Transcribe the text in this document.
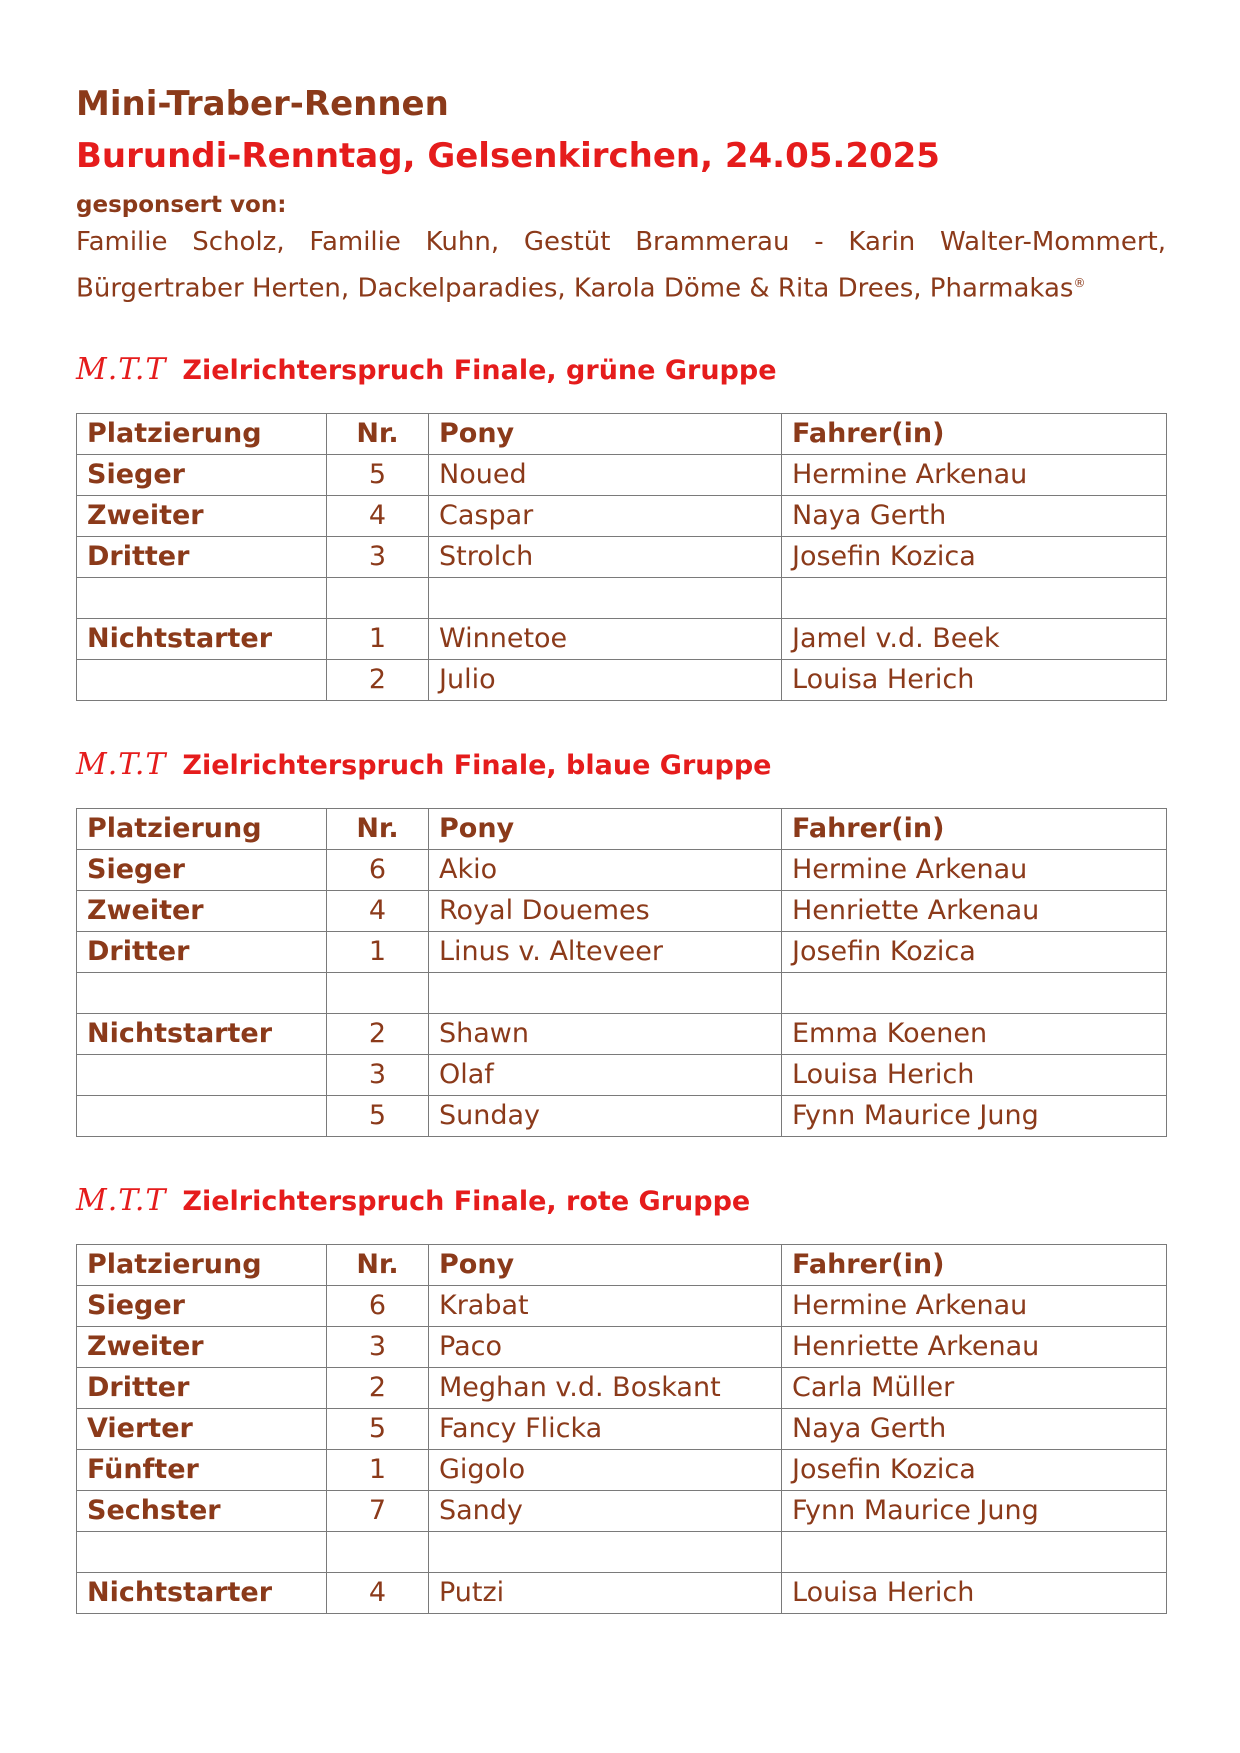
Mini-Traber-Rennen
Burundi-Renntag, Gelsenkirchen, 24.05.2025
gesponsert von:
Familie Scholz, Familie Kuhn, Gestüt Brammerau - Karin Walter-Mommert, Bürgertraber Herten, Dackelparadies, Karola Döme & Rita Drees, Pharmakas®
M.T.T Zielrichterspruch Finale, grüne Gruppe
Platzierung	Nr.	Pony	Fahrer(in)
Sieger	5	Noued	Hermine Arkenau
Zweiter	4	Caspar	Naya Gerth
Dritter	3	Strolch	Josefin Kozica

Nichtstarter	1	Winnetoe	Jamel v.d. Beek
	2	Julio	Louisa Herich
M.T.T Zielrichterspruch Finale, blaue Gruppe
Platzierung	Nr.	Pony	Fahrer(in)
Sieger	6	Akio	Hermine Arkenau
Zweiter	4	Royal Douemes	Henriette Arkenau
Dritter	1	Linus v. Alteveer	Josefin Kozica

Nichtstarter	2	Shawn	Emma Koenen
	3	Olaf	Louisa Herich
	5	Sunday	Fynn Maurice Jung
M.T.T Zielrichterspruch Finale, rote Gruppe
Platzierung	Nr.	Pony	Fahrer(in)
Sieger	6	Krabat	Hermine Arkenau
Zweiter	3	Paco	Henriette Arkenau
Dritter	2	Meghan v.d. Boskant	Carla Müller
Vierter	5	Fancy Flicka	Naya Gerth
Fünfter	1	Gigolo	Josefin Kozica
Sechster	7	Sandy	Fynn Maurice Jung

Nichtstarter	4	Putzi	Louisa Herich
